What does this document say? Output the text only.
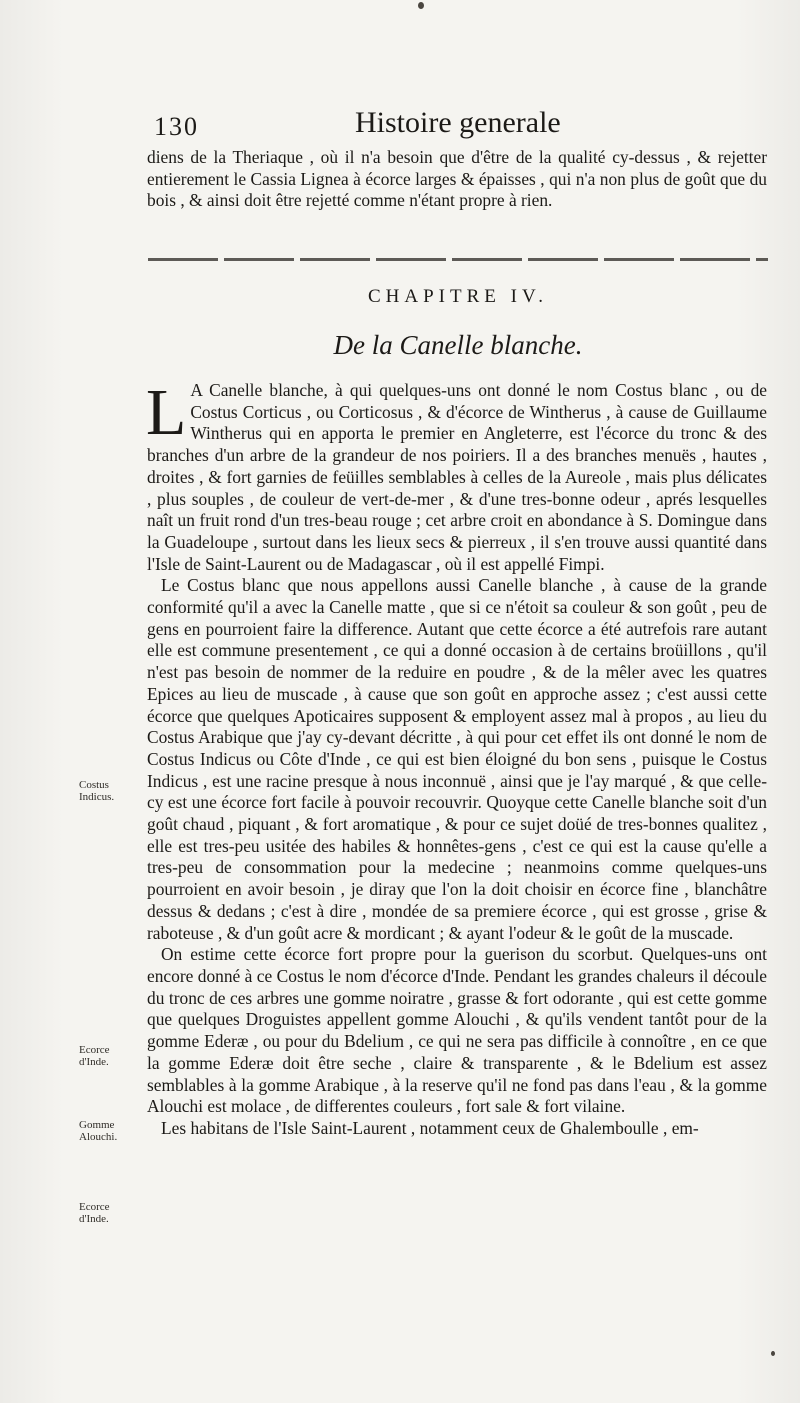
130	Histoire generale
diens de la Theriaque , où il n'a besoin que d'être de la qualité cy-dessus , & rejetter entierement le Cassia Lignea à écorce larges & épaisses , qui n'a non plus de goût que du bois , & ainsi doit être rejetté comme n'étant propre à rien.
CHAPITRE IV.
De la Canelle blanche.

L A Canelle blanche, à qui quelques-uns ont donné le nom Costus blanc , ou de Costus Corticus , ou Corticosus , & d'écorce de Wintherus , à cause de Guillaume Wintherus qui en apporta le premier en Angleterre, est l'écorce du tronc & des branches d'un arbre de la grandeur de nos poiriers. Il a des branches menuës , hautes , droites , & fort garnies de feüilles semblables à celles de la Aureole , mais plus délicates , plus souples , de couleur de vert-de-mer , & d'une tres-bonne odeur , aprés lesquelles naît un fruit rond d'un tres-beau rouge ; cet arbre croit en abondance à S. Domingue dans la Guadeloupe , surtout dans les lieux secs & pierreux , il s'en trouve aussi quantité dans l'Isle de Saint-Laurent ou de Madagascar , où il est appellé Fimpi.

Le Costus blanc que nous appellons aussi Canelle blanche , à cause de la grande conformité qu'il a avec la Canelle matte , que si ce n'étoit sa couleur & son goût , peu de gens en pourroient faire la difference. Autant que cette écorce a été autrefois rare autant elle est commune presentement , ce qui a donné occasion à de certains broüillons , qu'il n'est pas besoin de nommer de la reduire en poudre , & de la mêler avec les quatres Epices au lieu de muscade , à cause que son goût en approche assez ; c'est aussi cette écorce que quelques Apoticaires supposent & employent assez mal à propos , au lieu du Costus Arabique que j'ay cy-devant décritte , à qui pour cet effet ils ont donné le nom de Costus Indicus ou Côte d'Inde , ce qui est bien éloigné du bon sens , puisque le Costus Indicus , est une racine presque à nous inconnuë , ainsi que je l'ay marqué , & que celle-cy est une écorce fort facile à pouvoir recouvrir. Quoyque cette Canelle blanche soit d'un goût chaud , piquant , & fort aromatique , & pour ce sujet doüé de tres-bonnes qualitez , elle est tres-peu usitée des habiles & honnêtes-gens , c'est ce qui est la cause qu'elle a tres-peu de consommation pour la medecine ; neanmoins comme quelques-uns pourroient en avoir besoin , je diray que l'on la doit choisir en écorce fine , blanchâtre dessus & dedans ; c'est à dire , mondée de sa premiere écorce , qui est grosse , grise & raboteuse , & d'un goût acre & mordicant ; & ayant l'odeur & le goût de la muscade.

On estime cette écorce fort propre pour la guerison du scorbut. Quelques-uns ont encore donné à ce Costus le nom d'écorce d'Inde. Pendant les grandes chaleurs il découle du tronc de ces arbres une gomme noiratre , grasse & fort odorante , qui est cette gomme que quelques Droguistes appellent gomme Alouchi , & qu'ils vendent tantôt pour de la gomme Ederæ , ou pour du Bdelium , ce qui ne sera pas difficile à connoître , en ce que la gomme Ederæ doit être seche , claire & transparente , & le Bdelium est assez semblables à la gomme Arabique , à la reserve qu'il ne fond pas dans l'eau , & la gomme Alouchi est molace , de differentes couleurs , fort sale & fort vilaine.

Les habitans de l'Isle Saint-Laurent , notamment ceux de Ghalemboulle , em-

Costus Indicus.
Ecorce d'Inde.
Gomme Alouchi.
Ecorce d'Inde.
